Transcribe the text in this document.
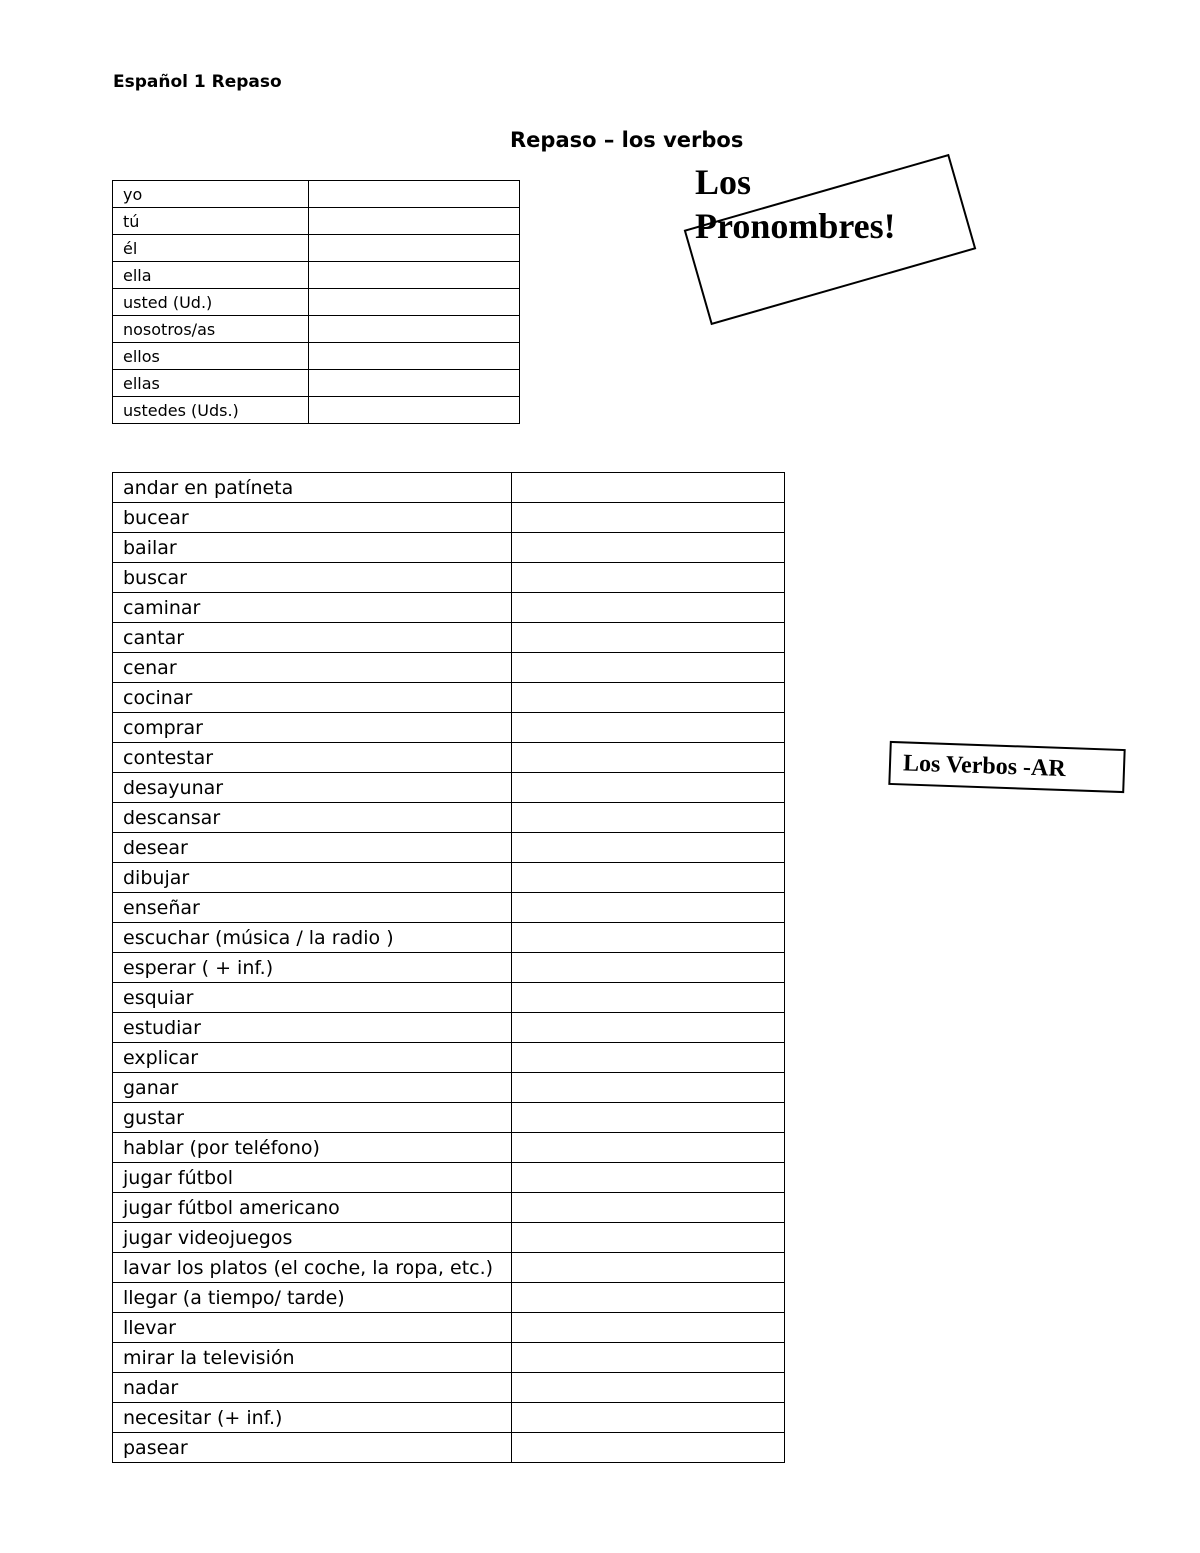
Español 1 Repaso
Repaso – los verbos
yo	
tú	
él	
ella	
usted (Ud.)	
nosotros/as	
ellos	
ellas	
ustedes (Uds.)	
Los
Pronombres!
andar en patíneta	
bucear	
bailar	
buscar	
caminar	
cantar	
cenar	
cocinar	
comprar	
contestar	
desayunar	
descansar	
desear	
dibujar	
enseñar	
escuchar (música / la radio )	
esperar ( + inf.)	
esquiar	
estudiar	
explicar	
ganar	
gustar	
hablar (por teléfono)	
jugar fútbol	
jugar fútbol americano	
jugar videojuegos	
lavar los platos (el coche, la ropa, etc.)	
llegar (a tiempo/ tarde)	
llevar	
mirar la televisión	
nadar	
necesitar (+ inf.)	
pasear	
Los Verbos -AR
